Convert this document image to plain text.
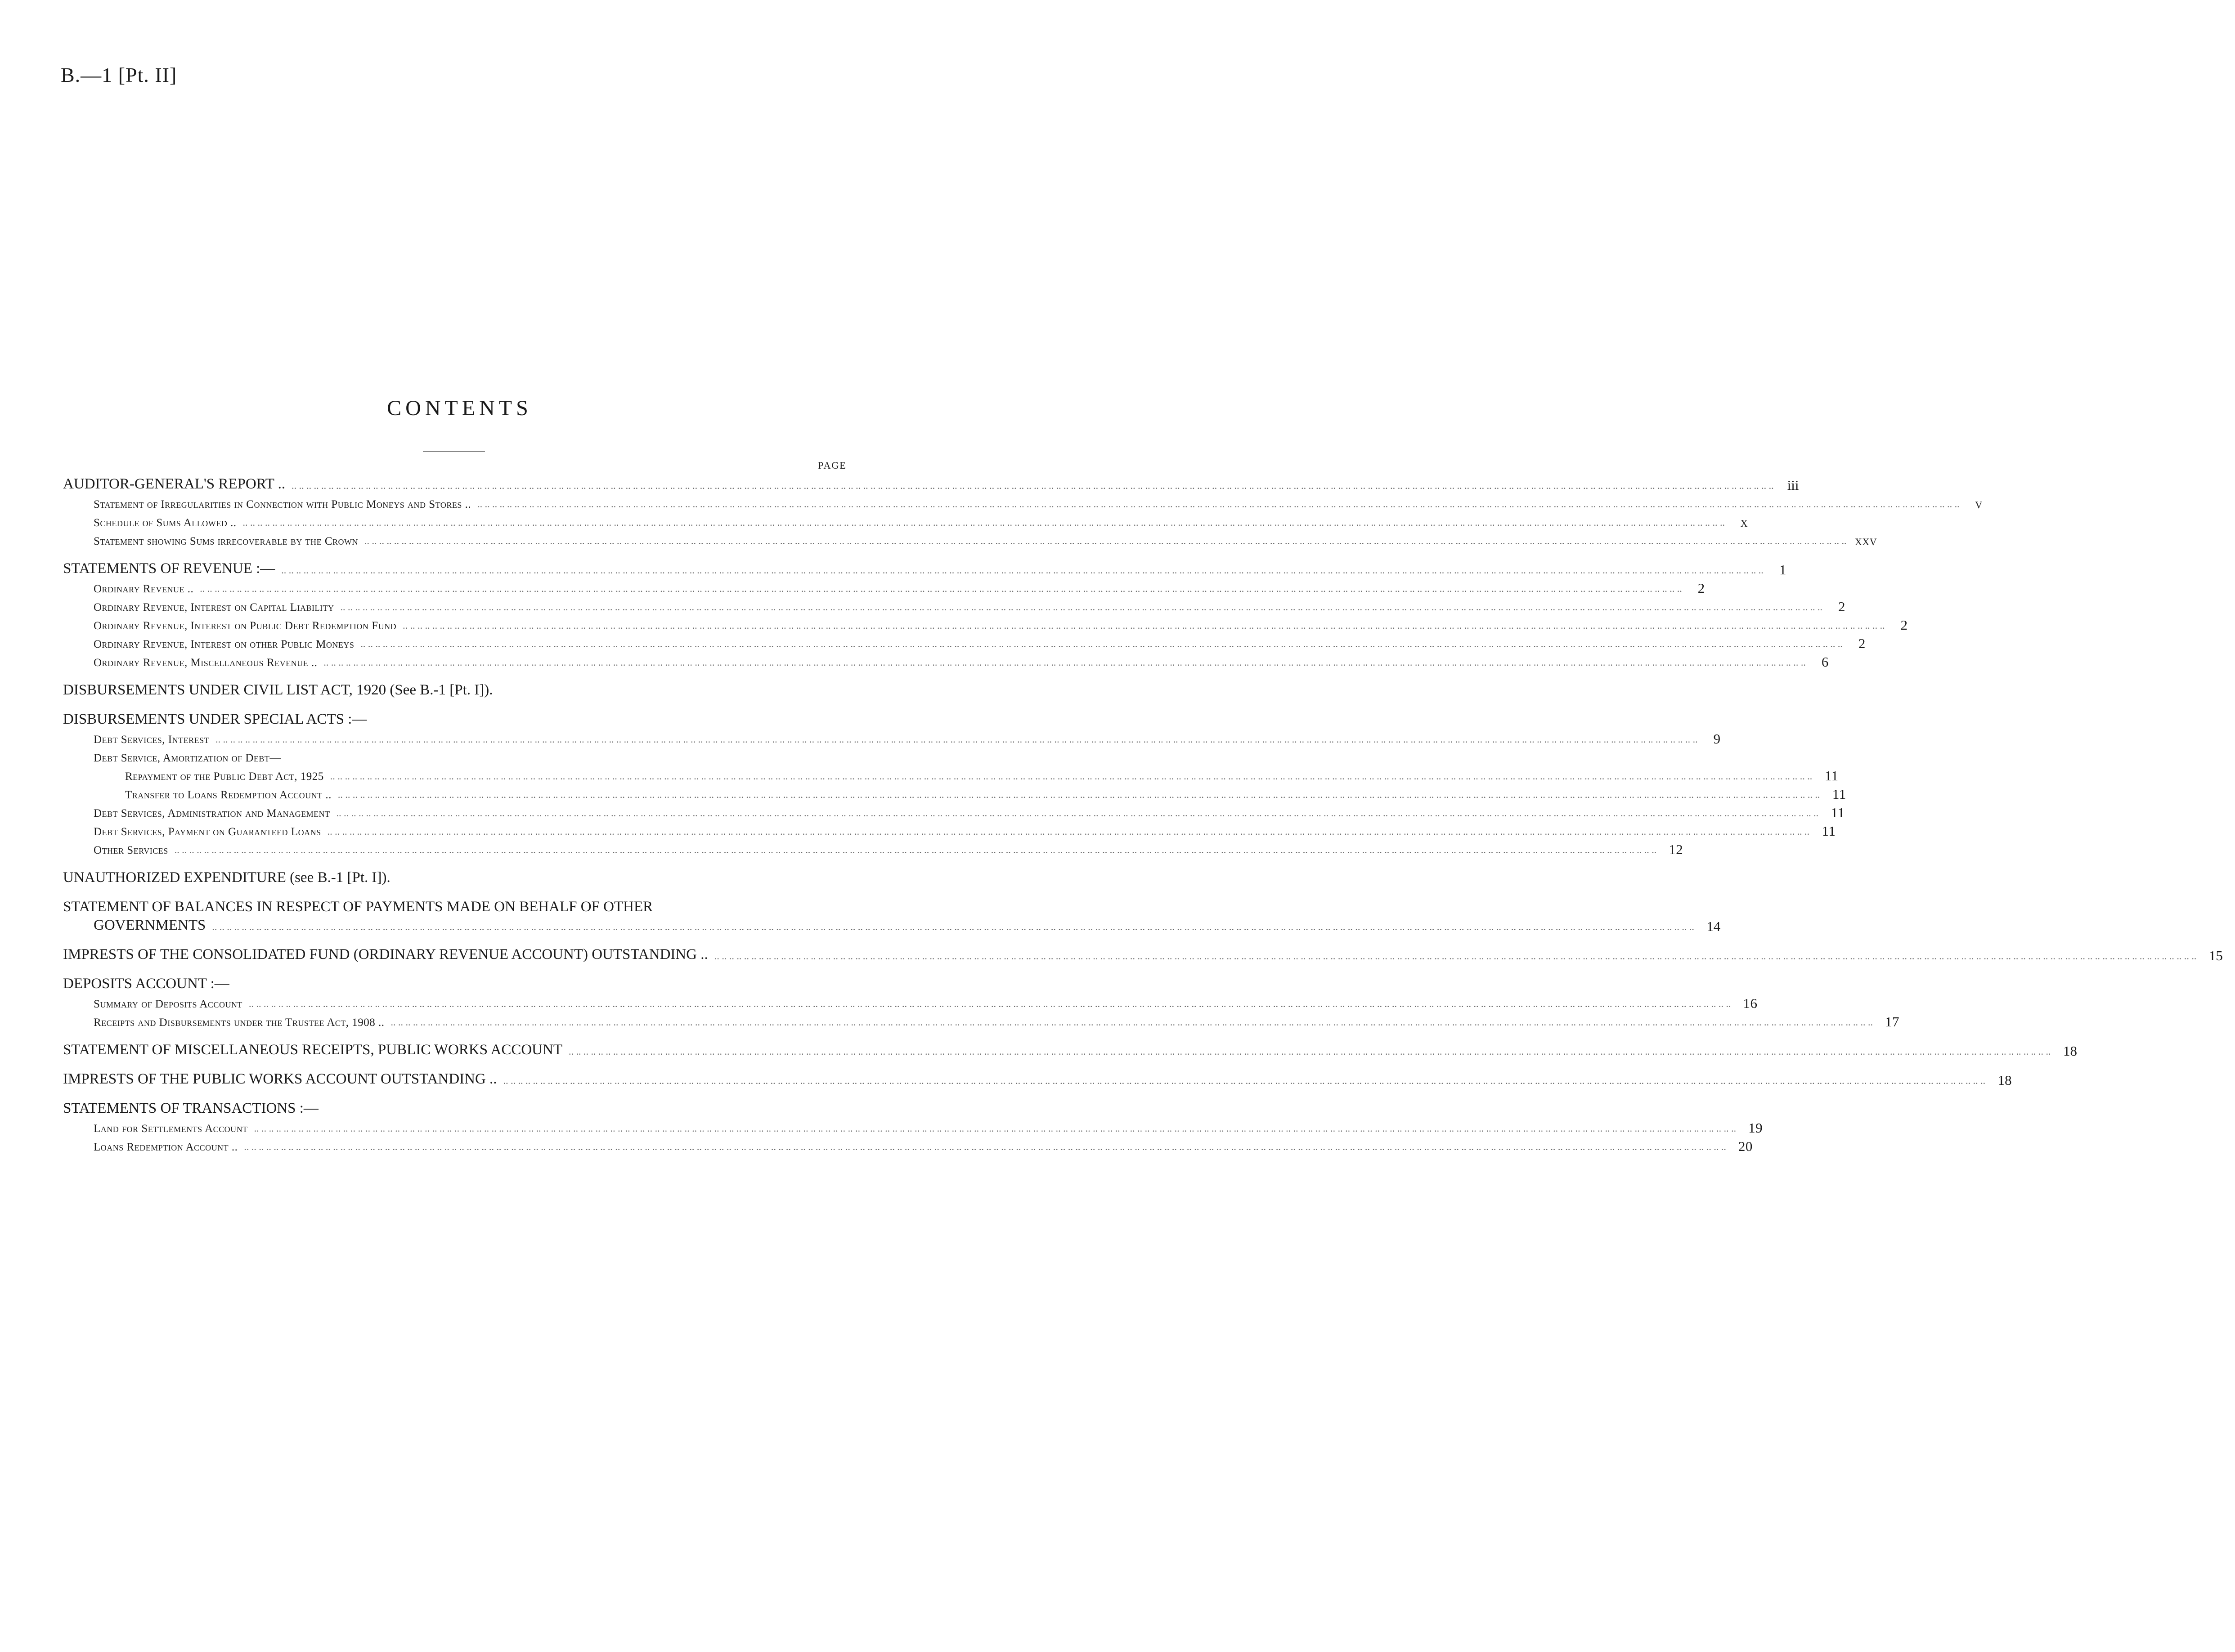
B.—1 [Pt. II]
CONTENTS
PAGE
AUDITOR-GENERAL'S REPORT .. .. .. .. .. .. .. .. .. .. .. .. .. .. .. .. .. .. .. .. .. .. .. .. .. .. .. .. .. .. .. .. .. .. .. .. .. .. .. .. .. .. .. .. .. .. .. .. .. .. .. .. .. .. .. .. .. .. .. .. .. .. .. .. .. .. .. .. .. .. .. .. .. .. .. .. .. .. .. .. .. .. .. .. .. .. .. .. .. .. .. .. .. .. .. .. .. .. .. .. .. .. .. .. .. .. .. .. .. .. .. .. .. .. .. .. .. .. .. .. .. .. .. .. .. .. .. .. .. .. .. .. .. .. .. .. .. .. .. .. .. .. .. .. .. .. .. .. .. .. .. .. .. .. .. .. .. .. .. .. .. .. .. .. .. .. .. .. .. .. .. .. .. .. .. .. .. .. .. .. .. .. .. .. .. .. .. .. .. .. .. .. .. .. .. .. .. .. .. .. .. iii
Statement of Irregularities in Connection with Public Moneys and Stores .. .. .. .. .. .. .. .. .. .. .. .. .. .. .. .. .. .. .. .. .. .. .. .. .. .. .. .. .. .. .. .. .. .. .. .. .. .. .. .. .. .. .. .. .. .. .. .. .. .. .. .. .. .. .. .. .. .. .. .. .. .. .. .. .. .. .. .. .. .. .. .. .. .. .. .. .. .. .. .. .. .. .. .. .. .. .. .. .. .. .. .. .. .. .. .. .. .. .. .. .. .. .. .. .. .. .. .. .. .. .. .. .. .. .. .. .. .. .. .. .. .. .. .. .. .. .. .. .. .. .. .. .. .. .. .. .. .. .. .. .. .. .. .. .. .. .. .. .. .. .. .. .. .. .. .. .. .. .. .. .. .. .. .. .. .. .. .. .. .. .. .. .. .. .. .. .. .. .. .. .. .. .. .. .. .. .. .. .. .. .. .. .. .. .. .. .. .. .. .. ..	v
Schedule of Sums Allowed .. .. .. .. .. .. .. .. .. .. .. .. .. .. .. .. .. .. .. .. .. .. .. .. .. .. .. .. .. .. .. .. .. .. .. .. .. .. .. .. .. .. .. .. .. .. .. .. .. .. .. .. .. .. .. .. .. .. .. .. .. .. .. .. .. .. .. .. .. .. .. .. .. .. .. .. .. .. .. .. .. .. .. .. .. .. .. .. .. .. .. .. .. .. .. .. .. .. .. .. .. .. .. .. .. .. .. .. .. .. .. .. .. .. .. .. .. .. .. .. .. .. .. .. .. .. .. .. .. .. .. .. .. .. .. .. .. .. .. .. .. .. .. .. .. .. .. .. .. .. .. .. .. .. .. .. .. .. .. .. .. .. .. .. .. .. .. .. .. .. .. .. .. .. .. .. .. .. .. .. .. .. .. .. .. .. .. .. .. .. .. .. .. .. .. .. .. .. .. .. ..	x
Statement showing Sums irrecoverable by the Crown .. .. .. .. .. .. .. .. .. .. .. .. .. .. .. .. .. .. .. .. .. .. .. .. .. .. .. .. .. .. .. .. .. .. .. .. .. .. .. .. .. .. .. .. .. .. .. .. .. .. .. .. .. .. .. .. .. .. .. .. .. .. .. .. .. .. .. .. .. .. .. .. .. .. .. .. .. .. .. .. .. .. .. .. .. .. .. .. .. .. .. .. .. .. .. .. .. .. .. .. .. .. .. .. .. .. .. .. .. .. .. .. .. .. .. .. .. .. .. .. .. .. .. .. .. .. .. .. .. .. .. .. .. .. .. .. .. .. .. .. .. .. .. .. .. .. .. .. .. .. .. .. .. .. .. .. .. .. .. .. .. .. .. .. .. .. .. .. .. .. .. .. .. .. .. .. .. .. .. .. .. .. .. .. .. .. .. .. .. .. .. .. .. .. .. .. .. .. .. .. xxv
STATEMENTS OF REVENUE :— .. .. .. .. .. .. .. .. .. .. .. .. .. .. .. .. .. .. .. .. .. .. .. .. .. .. .. .. .. .. .. .. .. .. .. .. .. .. .. .. .. .. .. .. .. .. .. .. .. .. .. .. .. .. .. .. .. .. .. .. .. .. .. .. .. .. .. .. .. .. .. .. .. .. .. .. .. .. .. .. .. .. .. .. .. .. .. .. .. .. .. .. .. .. .. .. .. .. .. .. .. .. .. .. .. .. .. .. .. .. .. .. .. .. .. .. .. .. .. .. .. .. .. .. .. .. .. .. .. .. .. .. .. .. .. .. .. .. .. .. .. .. .. .. .. .. .. .. .. .. .. .. .. .. .. .. .. .. .. .. .. .. .. .. .. .. .. .. .. .. .. .. .. .. .. .. .. .. .. .. .. .. .. .. .. .. .. .. .. .. .. .. .. .. .. .. .. .. .. ..	1
Ordinary Revenue .. .. .. .. .. .. .. .. .. .. .. .. .. .. .. .. .. .. .. .. .. .. .. .. .. .. .. .. .. .. .. .. .. .. .. .. .. .. .. .. .. .. .. .. .. .. .. .. .. .. .. .. .. .. .. .. .. .. .. .. .. .. .. .. .. .. .. .. .. .. .. .. .. .. .. .. .. .. .. .. .. .. .. .. .. .. .. .. .. .. .. .. .. .. .. .. .. .. .. .. .. .. .. .. .. .. .. .. .. .. .. .. .. .. .. .. .. .. .. .. .. .. .. .. .. .. .. .. .. .. .. .. .. .. .. .. .. .. .. .. .. .. .. .. .. .. .. .. .. .. .. .. .. .. .. .. .. .. .. .. .. .. .. .. .. .. .. .. .. .. .. .. .. .. .. .. .. .. .. .. .. .. .. .. .. .. .. .. .. .. .. .. .. .. .. .. .. .. .. .. ..	2
Ordinary Revenue, Interest on Capital Liability .. .. .. .. .. .. .. .. .. .. .. .. .. .. .. .. .. .. .. .. .. .. .. .. .. .. .. .. .. .. .. .. .. .. .. .. .. .. .. .. .. .. .. .. .. .. .. .. .. .. .. .. .. .. .. .. .. .. .. .. .. .. .. .. .. .. .. .. .. .. .. .. .. .. .. .. .. .. .. .. .. .. .. .. .. .. .. .. .. .. .. .. .. .. .. .. .. .. .. .. .. .. .. .. .. .. .. .. .. .. .. .. .. .. .. .. .. .. .. .. .. .. .. .. .. .. .. .. .. .. .. .. .. .. .. .. .. .. .. .. .. .. .. .. .. .. .. .. .. .. .. .. .. .. .. .. .. .. .. .. .. .. .. .. .. .. .. .. .. .. .. .. .. .. .. .. .. .. .. .. .. .. .. .. .. .. .. .. .. .. .. .. .. .. .. .. .. .. .. ..	2
Ordinary Revenue, Interest on Public Debt Redemption Fund .. .. .. .. .. .. .. .. .. .. .. .. .. .. .. .. .. .. .. .. .. .. .. .. .. .. .. .. .. .. .. .. .. .. .. .. .. .. .. .. .. .. .. .. .. .. .. .. .. .. .. .. .. .. .. .. .. .. .. .. .. .. .. .. .. .. .. .. .. .. .. .. .. .. .. .. .. .. .. .. .. .. .. .. .. .. .. .. .. .. .. .. .. .. .. .. .. .. .. .. .. .. .. .. .. .. .. .. .. .. .. .. .. .. .. .. .. .. .. .. .. .. .. .. .. .. .. .. .. .. .. .. .. .. .. .. .. .. .. .. .. .. .. .. .. .. .. .. .. .. .. .. .. .. .. .. .. .. .. .. .. .. .. .. .. .. .. .. .. .. .. .. .. .. .. .. .. .. .. .. .. .. .. .. .. .. .. .. .. .. .. .. .. .. .. .. .. .. .. ..	2
Ordinary Revenue, Interest on other Public Moneys .. .. .. .. .. .. .. .. .. .. .. .. .. .. .. .. .. .. .. .. .. .. .. .. .. .. .. .. .. .. .. .. .. .. .. .. .. .. .. .. .. .. .. .. .. .. .. .. .. .. .. .. .. .. .. .. .. .. .. .. .. .. .. .. .. .. .. .. .. .. .. .. .. .. .. .. .. .. .. .. .. .. .. .. .. .. .. .. .. .. .. .. .. .. .. .. .. .. .. .. .. .. .. .. .. .. .. .. .. .. .. .. .. .. .. .. .. .. .. .. .. .. .. .. .. .. .. .. .. .. .. .. .. .. .. .. .. .. .. .. .. .. .. .. .. .. .. .. .. .. .. .. .. .. .. .. .. .. .. .. .. .. .. .. .. .. .. .. .. .. .. .. .. .. .. .. .. .. .. .. .. .. .. .. .. .. .. .. .. .. .. .. .. .. .. .. .. .. .. ..	2
Ordinary Revenue, Miscellaneous Revenue .. .. .. .. .. .. .. .. .. .. .. .. .. .. .. .. .. .. .. .. .. .. .. .. .. .. .. .. .. .. .. .. .. .. .. .. .. .. .. .. .. .. .. .. .. .. .. .. .. .. .. .. .. .. .. .. .. .. .. .. .. .. .. .. .. .. .. .. .. .. .. .. .. .. .. .. .. .. .. .. .. .. .. .. .. .. .. .. .. .. .. .. .. .. .. .. .. .. .. .. .. .. .. .. .. .. .. .. .. .. .. .. .. .. .. .. .. .. .. .. .. .. .. .. .. .. .. .. .. .. .. .. .. .. .. .. .. .. .. .. .. .. .. .. .. .. .. .. .. .. .. .. .. .. .. .. .. .. .. .. .. .. .. .. .. .. .. .. .. .. .. .. .. .. .. .. .. .. .. .. .. .. .. .. .. .. .. .. .. .. .. .. .. .. .. .. .. .. .. .. ..	6
DISBURSEMENTS UNDER CIVIL LIST ACT, 1920 (See B.-1 [Pt. I]).
DISBURSEMENTS UNDER SPECIAL ACTS :—
Debt Services, Interest .. .. .. .. .. .. .. .. .. .. .. .. .. .. .. .. .. .. .. .. .. .. .. .. .. .. .. .. .. .. .. .. .. .. .. .. .. .. .. .. .. .. .. .. .. .. .. .. .. .. .. .. .. .. .. .. .. .. .. .. .. .. .. .. .. .. .. .. .. .. .. .. .. .. .. .. .. .. .. .. .. .. .. .. .. .. .. .. .. .. .. .. .. .. .. .. .. .. .. .. .. .. .. .. .. .. .. .. .. .. .. .. .. .. .. .. .. .. .. .. .. .. .. .. .. .. .. .. .. .. .. .. .. .. .. .. .. .. .. .. .. .. .. .. .. .. .. .. .. .. .. .. .. .. .. .. .. .. .. .. .. .. .. .. .. .. .. .. .. .. .. .. .. .. .. .. .. .. .. .. .. .. .. .. .. .. .. .. .. .. .. .. .. .. .. .. .. .. .. ..	9
Debt Service, Amortization of Debt—
Repayment of the Public Debt Act, 1925 .. .. .. .. .. .. .. .. .. .. .. .. .. .. .. .. .. .. .. .. .. .. .. .. .. .. .. .. .. .. .. .. .. .. .. .. .. .. .. .. .. .. .. .. .. .. .. .. .. .. .. .. .. .. .. .. .. .. .. .. .. .. .. .. .. .. .. .. .. .. .. .. .. .. .. .. .. .. .. .. .. .. .. .. .. .. .. .. .. .. .. .. .. .. .. .. .. .. .. .. .. .. .. .. .. .. .. .. .. .. .. .. .. .. .. .. .. .. .. .. .. .. .. .. .. .. .. .. .. .. .. .. .. .. .. .. .. .. .. .. .. .. .. .. .. .. .. .. .. .. .. .. .. .. .. .. .. .. .. .. .. .. .. .. .. .. .. .. .. .. .. .. .. .. .. .. .. .. .. .. .. .. .. .. .. .. .. .. .. .. .. .. .. .. .. .. .. .. .. .. 11
Transfer to Loans Redemption Account .. .. .. .. .. .. .. .. .. .. .. .. .. .. .. .. .. .. .. .. .. .. .. .. .. .. .. .. .. .. .. .. .. .. .. .. .. .. .. .. .. .. .. .. .. .. .. .. .. .. .. .. .. .. .. .. .. .. .. .. .. .. .. .. .. .. .. .. .. .. .. .. .. .. .. .. .. .. .. .. .. .. .. .. .. .. .. .. .. .. .. .. .. .. .. .. .. .. .. .. .. .. .. .. .. .. .. .. .. .. .. .. .. .. .. .. .. .. .. .. .. .. .. .. .. .. .. .. .. .. .. .. .. .. .. .. .. .. .. .. .. .. .. .. .. .. .. .. .. .. .. .. .. .. .. .. .. .. .. .. .. .. .. .. .. .. .. .. .. .. .. .. .. .. .. .. .. .. .. .. .. .. .. .. .. .. .. .. .. .. .. .. .. .. .. .. .. .. .. .. .. 11
Debt Services, Administration and Management .. .. .. .. .. .. .. .. .. .. .. .. .. .. .. .. .. .. .. .. .. .. .. .. .. .. .. .. .. .. .. .. .. .. .. .. .. .. .. .. .. .. .. .. .. .. .. .. .. .. .. .. .. .. .. .. .. .. .. .. .. .. .. .. .. .. .. .. .. .. .. .. .. .. .. .. .. .. .. .. .. .. .. .. .. .. .. .. .. .. .. .. .. .. .. .. .. .. .. .. .. .. .. .. .. .. .. .. .. .. .. .. .. .. .. .. .. .. .. .. .. .. .. .. .. .. .. .. .. .. .. .. .. .. .. .. .. .. .. .. .. .. .. .. .. .. .. .. .. .. .. .. .. .. .. .. .. .. .. .. .. .. .. .. .. .. .. .. .. .. .. .. .. .. .. .. .. .. .. .. .. .. .. .. .. .. .. .. .. .. .. .. .. .. .. .. .. .. .. .. 11
Debt Services, Payment on Guaranteed Loans .. .. .. .. .. .. .. .. .. .. .. .. .. .. .. .. .. .. .. .. .. .. .. .. .. .. .. .. .. .. .. .. .. .. .. .. .. .. .. .. .. .. .. .. .. .. .. .. .. .. .. .. .. .. .. .. .. .. .. .. .. .. .. .. .. .. .. .. .. .. .. .. .. .. .. .. .. .. .. .. .. .. .. .. .. .. .. .. .. .. .. .. .. .. .. .. .. .. .. .. .. .. .. .. .. .. .. .. .. .. .. .. .. .. .. .. .. .. .. .. .. .. .. .. .. .. .. .. .. .. .. .. .. .. .. .. .. .. .. .. .. .. .. .. .. .. .. .. .. .. .. .. .. .. .. .. .. .. .. .. .. .. .. .. .. .. .. .. .. .. .. .. .. .. .. .. .. .. .. .. .. .. .. .. .. .. .. .. .. .. .. .. .. .. .. .. .. .. .. .. 11
Other Services .. .. .. .. .. .. .. .. .. .. .. .. .. .. .. .. .. .. .. .. .. .. .. .. .. .. .. .. .. .. .. .. .. .. .. .. .. .. .. .. .. .. .. .. .. .. .. .. .. .. .. .. .. .. .. .. .. .. .. .. .. .. .. .. .. .. .. .. .. .. .. .. .. .. .. .. .. .. .. .. .. .. .. .. .. .. .. .. .. .. .. .. .. .. .. .. .. .. .. .. .. .. .. .. .. .. .. .. .. .. .. .. .. .. .. .. .. .. .. .. .. .. .. .. .. .. .. .. .. .. .. .. .. .. .. .. .. .. .. .. .. .. .. .. .. .. .. .. .. .. .. .. .. .. .. .. .. .. .. .. .. .. .. .. .. .. .. .. .. .. .. .. .. .. .. .. .. .. .. .. .. .. .. .. .. .. .. .. .. .. .. .. .. .. .. .. .. .. .. .. 12
UNAUTHORIZED EXPENDITURE (see B.-1 [Pt. I]).
STATEMENT OF BALANCES IN RESPECT OF PAYMENTS MADE ON BEHALF OF OTHER
GOVERNMENTS .. .. .. .. .. .. .. .. .. .. .. .. .. .. .. .. .. .. .. .. .. .. .. .. .. .. .. .. .. .. .. .. .. .. .. .. .. .. .. .. .. .. .. .. .. .. .. .. .. .. .. .. .. .. .. .. .. .. .. .. .. .. .. .. .. .. .. .. .. .. .. .. .. .. .. .. .. .. .. .. .. .. .. .. .. .. .. .. .. .. .. .. .. .. .. .. .. .. .. .. .. .. .. .. .. .. .. .. .. .. .. .. .. .. .. .. .. .. .. .. .. .. .. .. .. .. .. .. .. .. .. .. .. .. .. .. .. .. .. .. .. .. .. .. .. .. .. .. .. .. .. .. .. .. .. .. .. .. .. .. .. .. .. .. .. .. .. .. .. .. .. .. .. .. .. .. .. .. .. .. .. .. .. .. .. .. .. .. .. .. .. .. .. .. .. .. .. .. .. .. 14
IMPRESTS OF THE CONSOLIDATED FUND (ORDINARY REVENUE ACCOUNT) OUTSTANDING .. .. .. .. .. .. .. .. .. .. .. .. .. .. .. .. .. .. .. .. .. .. .. .. .. .. .. .. .. .. .. .. .. .. .. .. .. .. .. .. .. .. .. .. .. .. .. .. .. .. .. .. .. .. .. .. .. .. .. .. .. .. .. .. .. .. .. .. .. .. .. .. .. .. .. .. .. .. .. .. .. .. .. .. .. .. .. .. .. .. .. .. .. .. .. .. .. .. .. .. .. .. .. .. .. .. .. .. .. .. .. .. .. .. .. .. .. .. .. .. .. .. .. .. .. .. .. .. .. .. .. .. .. .. .. .. .. .. .. .. .. .. .. .. .. .. .. .. .. .. .. .. .. .. .. .. .. .. .. .. .. .. .. .. .. .. .. .. .. .. .. .. .. .. .. .. .. .. .. .. .. .. .. .. .. .. .. .. .. .. .. .. .. .. .. .. .. .. .. .. .. 15
DEPOSITS ACCOUNT :—
Summary of Deposits Account .. .. .. .. .. .. .. .. .. .. .. .. .. .. .. .. .. .. .. .. .. .. .. .. .. .. .. .. .. .. .. .. .. .. .. .. .. .. .. .. .. .. .. .. .. .. .. .. .. .. .. .. .. .. .. .. .. .. .. .. .. .. .. .. .. .. .. .. .. .. .. .. .. .. .. .. .. .. .. .. .. .. .. .. .. .. .. .. .. .. .. .. .. .. .. .. .. .. .. .. .. .. .. .. .. .. .. .. .. .. .. .. .. .. .. .. .. .. .. .. .. .. .. .. .. .. .. .. .. .. .. .. .. .. .. .. .. .. .. .. .. .. .. .. .. .. .. .. .. .. .. .. .. .. .. .. .. .. .. .. .. .. .. .. .. .. .. .. .. .. .. .. .. .. .. .. .. .. .. .. .. .. .. .. .. .. .. .. .. .. .. .. .. .. .. .. .. .. .. .. 16
Receipts and Disbursements under the Trustee Act, 1908 .. .. .. .. .. .. .. .. .. .. .. .. .. .. .. .. .. .. .. .. .. .. .. .. .. .. .. .. .. .. .. .. .. .. .. .. .. .. .. .. .. .. .. .. .. .. .. .. .. .. .. .. .. .. .. .. .. .. .. .. .. .. .. .. .. .. .. .. .. .. .. .. .. .. .. .. .. .. .. .. .. .. .. .. .. .. .. .. .. .. .. .. .. .. .. .. .. .. .. .. .. .. .. .. .. .. .. .. .. .. .. .. .. .. .. .. .. .. .. .. .. .. .. .. .. .. .. .. .. .. .. .. .. .. .. .. .. .. .. .. .. .. .. .. .. .. .. .. .. .. .. .. .. .. .. .. .. .. .. .. .. .. .. .. .. .. .. .. .. .. .. .. .. .. .. .. .. .. .. .. .. .. .. .. .. .. .. .. .. .. .. .. .. .. .. .. .. .. .. .. .. 17
STATEMENT OF MISCELLANEOUS RECEIPTS, PUBLIC WORKS ACCOUNT .. .. .. .. .. .. .. .. .. .. .. .. .. .. .. .. .. .. .. .. .. .. .. .. .. .. .. .. .. .. .. .. .. .. .. .. .. .. .. .. .. .. .. .. .. .. .. .. .. .. .. .. .. .. .. .. .. .. .. .. .. .. .. .. .. .. .. .. .. .. .. .. .. .. .. .. .. .. .. .. .. .. .. .. .. .. .. .. .. .. .. .. .. .. .. .. .. .. .. .. .. .. .. .. .. .. .. .. .. .. .. .. .. .. .. .. .. .. .. .. .. .. .. .. .. .. .. .. .. .. .. .. .. .. .. .. .. .. .. .. .. .. .. .. .. .. .. .. .. .. .. .. .. .. .. .. .. .. .. .. .. .. .. .. .. .. .. .. .. .. .. .. .. .. .. .. .. .. .. .. .. .. .. .. .. .. .. .. .. .. .. .. .. .. .. .. .. .. .. .. 18
IMPRESTS OF THE PUBLIC WORKS ACCOUNT OUTSTANDING .. .. .. .. .. .. .. .. .. .. .. .. .. .. .. .. .. .. .. .. .. .. .. .. .. .. .. .. .. .. .. .. .. .. .. .. .. .. .. .. .. .. .. .. .. .. .. .. .. .. .. .. .. .. .. .. .. .. .. .. .. .. .. .. .. .. .. .. .. .. .. .. .. .. .. .. .. .. .. .. .. .. .. .. .. .. .. .. .. .. .. .. .. .. .. .. .. .. .. .. .. .. .. .. .. .. .. .. .. .. .. .. .. .. .. .. .. .. .. .. .. .. .. .. .. .. .. .. .. .. .. .. .. .. .. .. .. .. .. .. .. .. .. .. .. .. .. .. .. .. .. .. .. .. .. .. .. .. .. .. .. .. .. .. .. .. .. .. .. .. .. .. .. .. .. .. .. .. .. .. .. .. .. .. .. .. .. .. .. .. .. .. .. .. .. .. .. .. .. .. .. 18
STATEMENTS OF TRANSACTIONS :—
Land for Settlements Account .. .. .. .. .. .. .. .. .. .. .. .. .. .. .. .. .. .. .. .. .. .. .. .. .. .. .. .. .. .. .. .. .. .. .. .. .. .. .. .. .. .. .. .. .. .. .. .. .. .. .. .. .. .. .. .. .. .. .. .. .. .. .. .. .. .. .. .. .. .. .. .. .. .. .. .. .. .. .. .. .. .. .. .. .. .. .. .. .. .. .. .. .. .. .. .. .. .. .. .. .. .. .. .. .. .. .. .. .. .. .. .. .. .. .. .. .. .. .. .. .. .. .. .. .. .. .. .. .. .. .. .. .. .. .. .. .. .. .. .. .. .. .. .. .. .. .. .. .. .. .. .. .. .. .. .. .. .. .. .. .. .. .. .. .. .. .. .. .. .. .. .. .. .. .. .. .. .. .. .. .. .. .. .. .. .. .. .. .. .. .. .. .. .. .. .. .. .. .. .. 19
Loans Redemption Account .. .. .. .. .. .. .. .. .. .. .. .. .. .. .. .. .. .. .. .. .. .. .. .. .. .. .. .. .. .. .. .. .. .. .. .. .. .. .. .. .. .. .. .. .. .. .. .. .. .. .. .. .. .. .. .. .. .. .. .. .. .. .. .. .. .. .. .. .. .. .. .. .. .. .. .. .. .. .. .. .. .. .. .. .. .. .. .. .. .. .. .. .. .. .. .. .. .. .. .. .. .. .. .. .. .. .. .. .. .. .. .. .. .. .. .. .. .. .. .. .. .. .. .. .. .. .. .. .. .. .. .. .. .. .. .. .. .. .. .. .. .. .. .. .. .. .. .. .. .. .. .. .. .. .. .. .. .. .. .. .. .. .. .. .. .. .. .. .. .. .. .. .. .. .. .. .. .. .. .. .. .. .. .. .. .. .. .. .. .. .. .. .. .. .. .. .. .. .. .. .. 20
